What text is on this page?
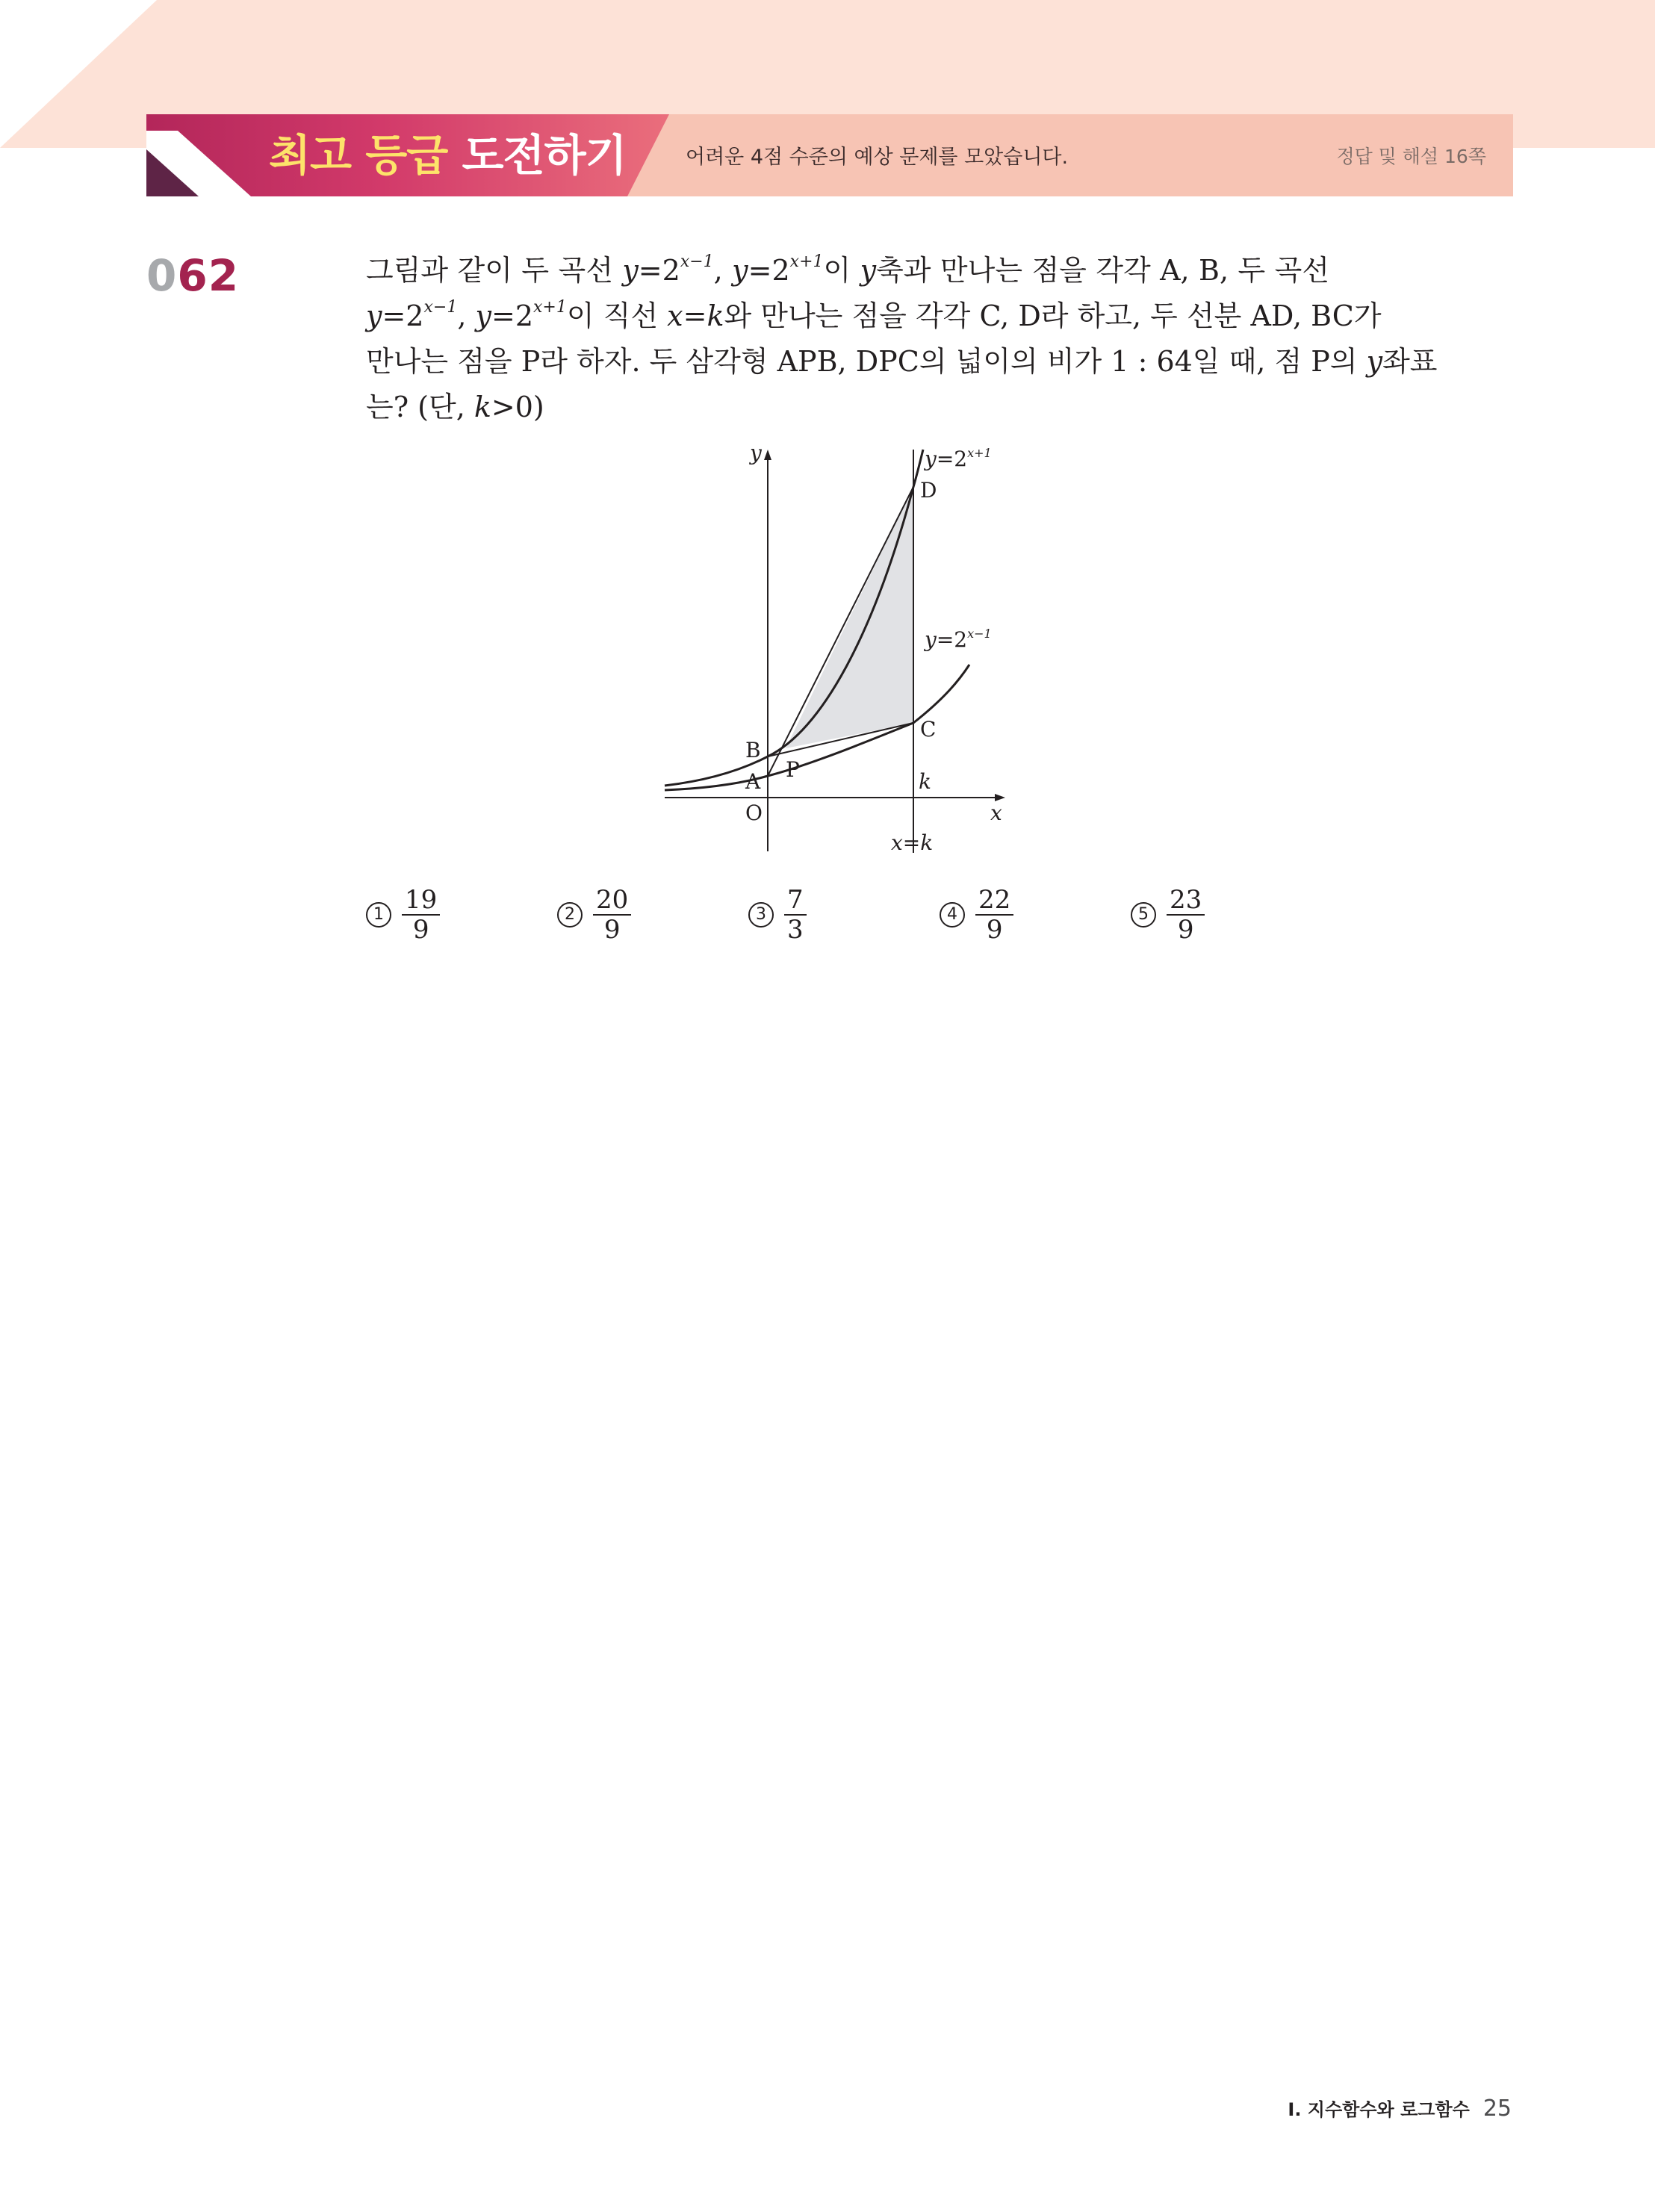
최고 등급 도전하기	어려운 4점 수준의 예상 문제를 모았습니다.	정답 및 해설 16쪽
062	그림과 같이 두 곡선 $y=2^{x-1}$, $y=2^{x+1}$이 y축과 만나는 점을 각각 A, B, 두 곡선
$y=2^{x-1}$, $y=2^{x+1}$이 직선 x=k와 만나는 점을 각각 C, D라 하고, 두 선분 AD, BC가
만나는 점을 P라 하자. 두 삼각형 APB, DPC의 넓이의 비가 1 : 64일 때, 점 P의 y좌표
는? (단, k>0)
y
x
O
A
B
C
D
P	k
$y=2^{x+1}$
$y=2^{x-1}$
x=k
$1 \frac{19}{9}$	$2 \frac{20}{9}$	$3 \frac{7}{3}$	$4 \frac{22}{9}$	$5 \frac{23}{9}$
I. 지수함수와 로그함수 25
